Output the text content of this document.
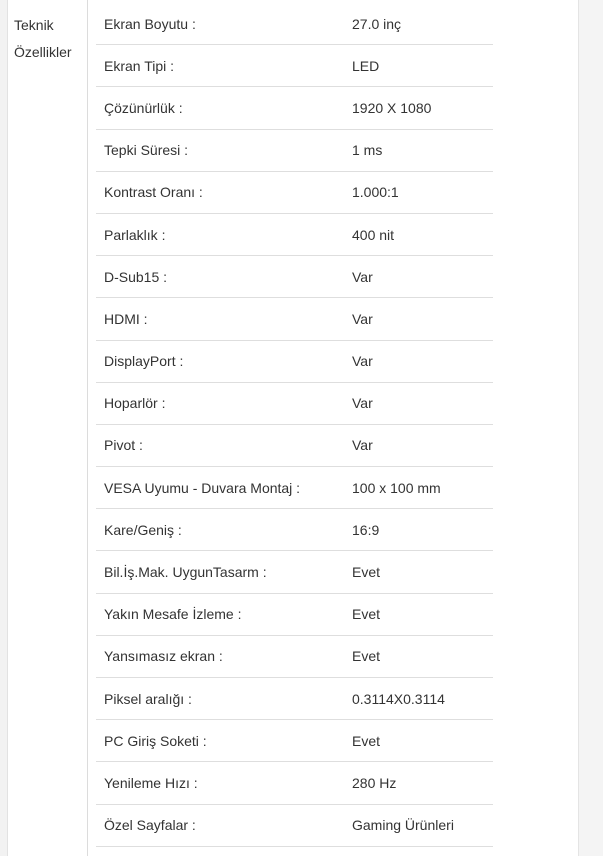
Teknik
Özellikler
Ekran Boyutu :	27.0 inç
Ekran Tipi :	LED
Çözünürlük :	1920 X 1080
Tepki Süresi :	1 ms
Kontrast Oranı :	1.000:1
Parlaklık :	400 nit
D-Sub15 :	Var
HDMI :	Var
DisplayPort :	Var
Hoparlör :	Var
Pivot :	Var
VESA Uyumu - Duvara Montaj :	100 x 100 mm
Kare/Geniş :	16:9
Bil.İş.Mak. UygunTasarm :	Evet
Yakın Mesafe İzleme :	Evet
Yansımasız ekran :	Evet
Piksel aralığı :	0.3114X0.3114
PC Giriş Soketi :	Evet
Yenileme Hızı :	280 Hz
Özel Sayfalar :	Gaming Ürünleri
